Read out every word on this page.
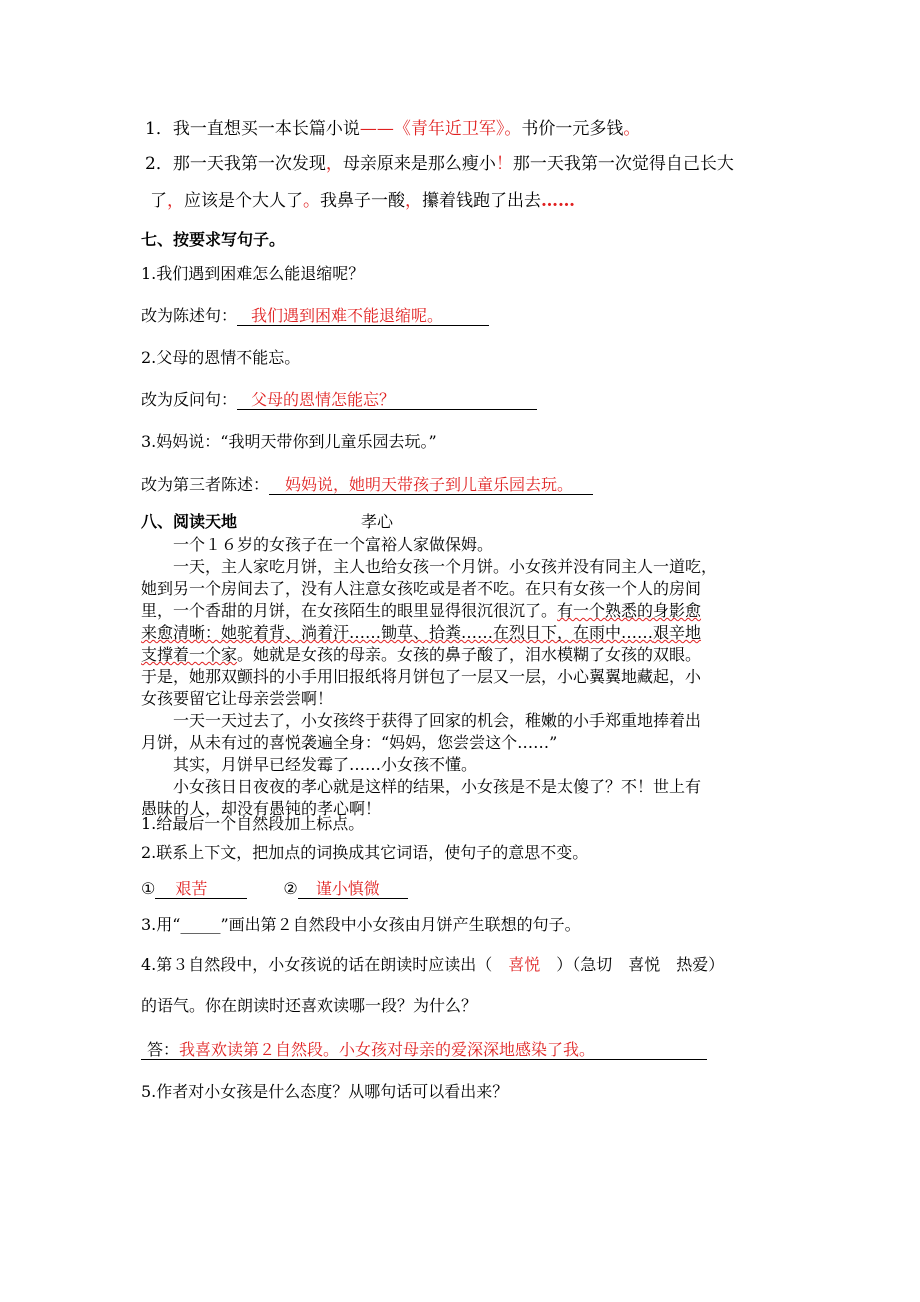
1．我一直想买一本长篇小说——《青年近卫军》。书价一元多钱。
2．那一天我第一次发现，母亲原来是那么瘦小！那一天我第一次觉得自己长大
了，应该是个大人了。我鼻子一酸，攥着钱跑了出去……
七、按要求写句子。
1.我们遇到困难怎么能退缩呢？
改为陈述句： 我们遇到困难不能退缩呢。
2.父母的恩情不能忘。
改为反问句： 父母的恩情怎能忘？
3.妈妈说：“我明天带你到儿童乐园去玩。”
改为第三者陈述： 妈妈说，她明天带孩子到儿童乐园去玩。
八、阅读天地	孝心
一个１６岁的女孩子在一个富裕人家做保姆。
一天，主人家吃月饼，主人也给女孩一个月饼。小女孩并没有同主人一道吃，
她到另一个房间去了，没有人注意女孩吃或是者不吃。在只有女孩一个人的房间
里，一个香甜的月饼，在女孩陌生的眼里显得很沉很沉了。有一个熟悉的身影愈
来愈清晰：她驼着背、淌着汗……锄草、拾粪……在烈日下，在雨中……艰辛地
支撑着一个家。她就是女孩的母亲。女孩的鼻子酸了，泪水模糊了女孩的双眼。
于是，她那双颤抖的小手用旧报纸将月饼包了一层又一层，小心翼翼地藏起，小
女孩要留它让母亲尝尝啊！
一天一天过去了，小女孩终于获得了回家的机会，稚嫩的小手郑重地捧着出
月饼，从未有过的喜悦袭遍全身：“妈妈，您尝尝这个……”
其实，月饼早已经发霉了……小女孩不懂。
小女孩日日夜夜的孝心就是这样的结果，小女孩是不是太傻了？不！世上有
愚昧的人，却没有愚钝的孝心啊！
1.给最后一个自然段加上标点。
2.联系上下文，把加点的词换成其它词语，使句子的意思不变。
① 艰苦	② 谨小慎微
3.用“_____”画出第２自然段中小女孩由月饼产生联想的句子。
4.第３自然段中，小女孩说的话在朗读时应读出（ 喜悦 ）（急切　喜悦　热爱）
的语气。你在朗读时还喜欢读哪一段？为什么？
答：我喜欢读第２自然段。小女孩对母亲的爱深深地感染了我。
5.作者对小女孩是什么态度？从哪句话可以看出来？
